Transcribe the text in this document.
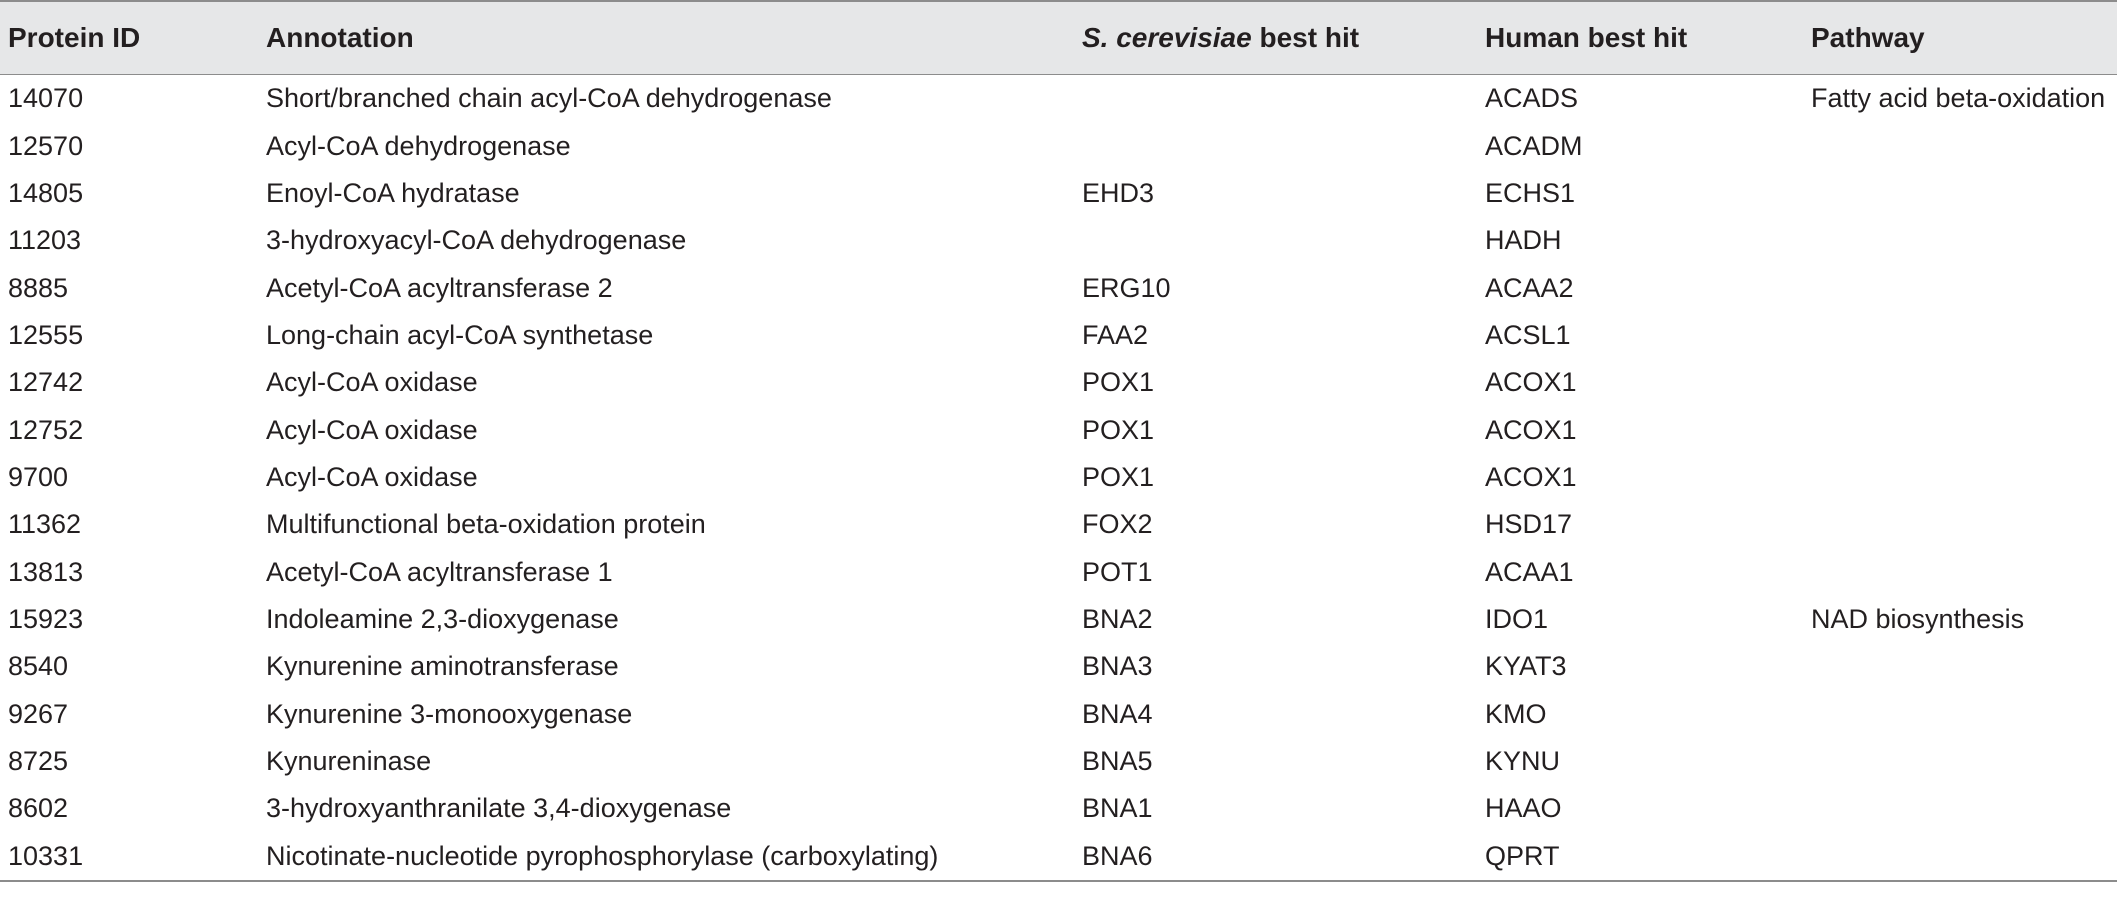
Protein ID	Annotation	S. cerevisiae best hit	Human best hit	Pathway
14070	Short/branched chain acyl-CoA dehydrogenase		ACADS	Fatty acid beta-oxidation
12570	Acyl-CoA dehydrogenase		ACADM	
14805	Enoyl-CoA hydratase	EHD3	ECHS1	
11203	3-hydroxyacyl-CoA dehydrogenase		HADH	
8885	Acetyl-CoA acyltransferase 2	ERG10	ACAA2	
12555	Long-chain acyl-CoA synthetase	FAA2	ACSL1	
12742	Acyl-CoA oxidase	POX1	ACOX1	
12752	Acyl-CoA oxidase	POX1	ACOX1	
9700	Acyl-CoA oxidase	POX1	ACOX1	
11362	Multifunctional beta-oxidation protein	FOX2	HSD17	
13813	Acetyl-CoA acyltransferase 1	POT1	ACAA1	
15923	Indoleamine 2,3-dioxygenase	BNA2	IDO1	NAD biosynthesis
8540	Kynurenine aminotransferase	BNA3	KYAT3	
9267	Kynurenine 3-monooxygenase	BNA4	KMO	
8725	Kynureninase	BNA5	KYNU	
8602	3-hydroxyanthranilate 3,4-dioxygenase	BNA1	HAAO	
10331	Nicotinate-nucleotide pyrophosphorylase (carboxylating)	BNA6	QPRT	
